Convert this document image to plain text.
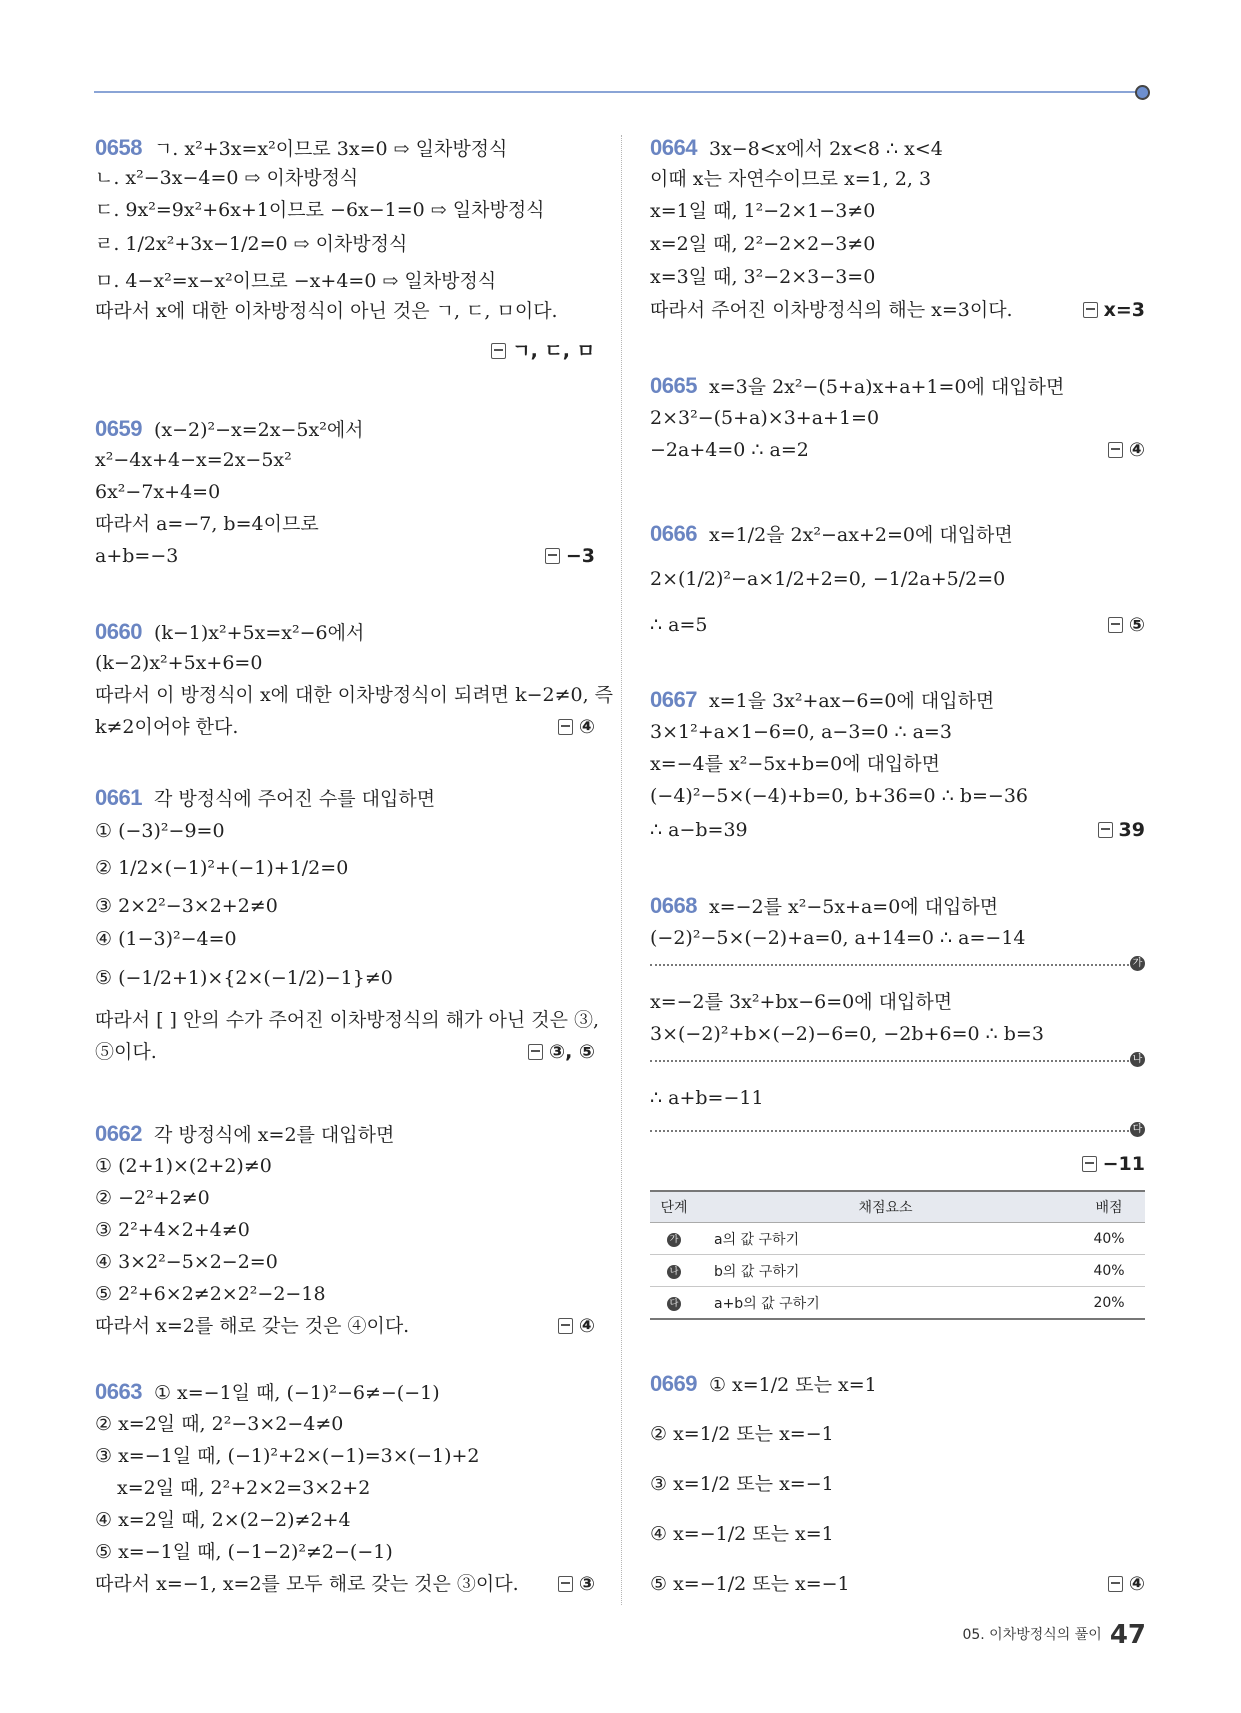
0658 ㄱ. x²+3x=x²이므로 3x=0 ⇨ 일차방정식
ㄴ. x²−3x−4=0 ⇨ 이차방정식
ㄷ. 9x²=9x²+6x+1이므로 −6x−1=0 ⇨ 일차방정식
ㄹ. 1/2x²+3x−1/2=0 ⇨ 이차방정식
ㅁ. 4−x²=x−x²이므로 −x+4=0 ⇨ 일차방정식
따라서 x에 대한 이차방정식이 아닌 것은 ㄱ, ㄷ, ㅁ이다.
ㄱ, ㄷ, ㅁ
0659 (x−2)²−x=2x−5x²에서
x²−4x+4−x=2x−5x²
6x²−7x+4=0
따라서 a=−7, b=4이므로
a+b=−3	−3
0660 (k−1)x²+5x=x²−6에서
(k−2)x²+5x+6=0
따라서 이 방정식이 x에 대한 이차방정식이 되려면 k−2≠0, 즉
k≠2이어야 한다.	④
0661 각 방정식에 주어진 수를 대입하면
① (−3)²−9=0
② 1/2×(−1)²+(−1)+1/2=0
③ 2×2²−3×2+2≠0
④ (1−3)²−4=0
⑤ (−1/2+1)×{2×(−1/2)−1}≠0
따라서 [ ] 안의 수가 주어진 이차방정식의 해가 아닌 것은 ③,
⑤이다.	③, ⑤
0662 각 방정식에 x=2를 대입하면
① (2+1)×(2+2)≠0
② −2²+2≠0
③ 2²+4×2+4≠0
④ 3×2²−5×2−2=0
⑤ 2²+6×2≠2×2²−2−18
따라서 x=2를 해로 갖는 것은 ④이다.	④
0663 ① x=−1일 때, (−1)²−6≠−(−1)
② x=2일 때, 2²−3×2−4≠0
③ x=−1일 때, (−1)²+2×(−1)=3×(−1)+2
x=2일 때, 2²+2×2=3×2+2
④ x=2일 때, 2×(2−2)≠2+4
⑤ x=−1일 때, (−1−2)²≠2−(−1)
따라서 x=−1, x=2를 모두 해로 갖는 것은 ③이다.	③
0664 3x−8<x에서 2x<8 ∴ x<4
이때 x는 자연수이므로 x=1, 2, 3
x=1일 때, 1²−2×1−3≠0
x=2일 때, 2²−2×2−3≠0
x=3일 때, 3²−2×3−3=0
따라서 주어진 이차방정식의 해는 x=3이다.	x=3
0665 x=3을 2x²−(5+a)x+a+1=0에 대입하면
2×3²−(5+a)×3+a+1=0
−2a+4=0 ∴ a=2	④
0666 x=1/2을 2x²−ax+2=0에 대입하면
2×(1/2)²−a×1/2+2=0, −1/2a+5/2=0
∴ a=5	⑤
0667 x=1을 3x²+ax−6=0에 대입하면
3×1²+a×1−6=0, a−3=0 ∴ a=3
x=−4를 x²−5x+b=0에 대입하면
(−4)²−5×(−4)+b=0, b+36=0 ∴ b=−36
∴ a−b=39	39
0668 x=−2를 x²−5x+a=0에 대입하면
(−2)²−5×(−2)+a=0, a+14=0 ∴ a=−14
가
x=−2를 3x²+bx−6=0에 대입하면
3×(−2)²+b×(−2)−6=0, −2b+6=0 ∴ b=3
나
∴ a+b=−11
다
−11
단계	채점요소	배점
가	a의 값 구하기	40%
나	b의 값 구하기	40%
다	a+b의 값 구하기	20%
0669 ① x=1/2 또는 x=1
② x=1/2 또는 x=−1
③ x=1/2 또는 x=−1
④ x=−1/2 또는 x=1
⑤ x=−1/2 또는 x=−1	④
05. 이차방정식의 풀이 47
